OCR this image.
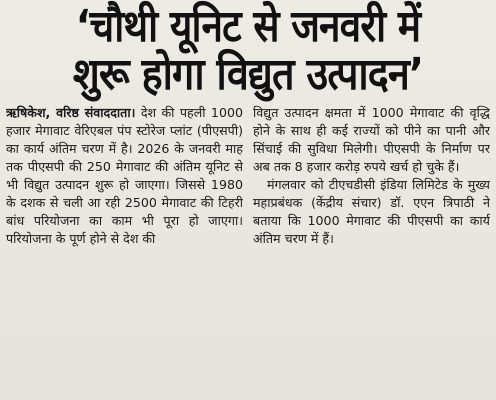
‘चौथी यूनिट से जनवरी में
शुरू होगा विद्युत उत्पादन’

ऋषिकेश, वरिष्ठ संवाददाता। देश की पहली 1000 हजार मेगावाट वेरिएबल पंप स्टोरेज प्लांट (पीएसपी) का कार्य अंतिम चरण में है। 2026 के जनवरी माह तक पीएसपी की 250 मेगावाट की अंतिम यूनिट से भी विद्युत उत्पादन शुरू हो जाएगा। जिससे 1980 के दशक से चली आ रही 2500 मेगावाट की टिहरी बांध परियोजना का काम भी पूरा हो जाएगा। परियोजना के पूर्ण होने से देश की

विद्युत उत्पादन क्षमता में 1000 मेगावाट की वृद्धि होने के साथ ही कई राज्यों को पीने का पानी और सिंचाई की सुविधा मिलेगी। पीएसपी के निर्माण पर अब तक 8 हजार करोड़ रुपये खर्च हो चुके हैं।

मंगलवार को टीएचडीसी इंडिया लिमिटेड के मुख्य महाप्रबंधक (केंद्रीय संचार) डॉ. एएन त्रिपाठी ने बताया कि 1000 मेगावाट की पीएसपी का कार्य अंतिम चरण में हैं।
